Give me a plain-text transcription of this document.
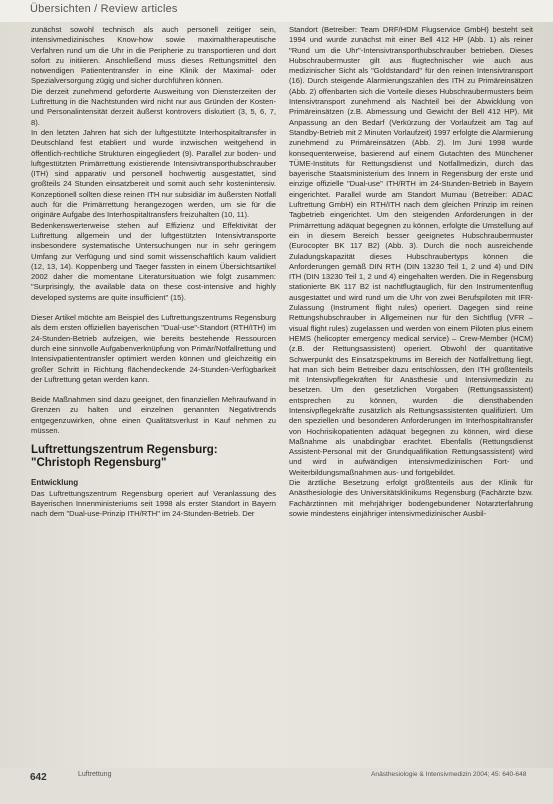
Übersichten / Review articles

zunächst sowohl technisch als auch personell zeitiger sein, intensivmedizinisches Know-how sowie maximaltherapeutische Verfahren rund um die Uhr in die Peripherie zu transportieren und dort sofort zu initiieren. Anschließend muss dieses Rettungsmittel den notwendigen Patiententransfer in eine Klinik der Maximal- oder Spezialversorgung zügig und sicher durchführen können.

Die derzeit zunehmend geforderte Ausweitung von Diensterzeiten der Luftrettung in die Nachtstunden wird nicht nur aus Gründen der Kosten- und Personalintensität derzeit äußerst kontrovers diskutiert (3, 5, 6, 7, 8).

In den letzten Jahren hat sich der luftgestützte Interhospitaltransfer in Deutschland fest etabliert und wurde inzwischen weitgehend in öffentlich-rechtliche Strukturen eingegliedert (9). Parallel zur boden- und luftgestützten Primärrettung existierende Intensivtransporthubschrauber (ITH) sind apparativ und personell hochwertig ausgestattet, sind großteils 24 Stunden einsatzbereit und somit auch sehr kostenintensiv. Konzeptionell sollten diese reinen ITH nur subsidiär im äußersten Notfall auch für die Primärrettung herangezogen werden, um sie für die originäre Aufgabe des Interhospitaltransfers freizuhalten (10, 11).

Bedenkenswerterweise stehen auf Effizienz und Effektivität der Luftrettung allgemein und der luftgestützten Intensivtransporte insbesondere systematische Untersuchungen nur in sehr geringem Umfang zur Verfügung und sind somit wissenschaftlich kaum validiert (12, 13, 14). Koppenberg und Taeger fassten in einem Übersichtsartikel 2002 daher die momentane Literatursituation wie folgt zusammen: "Surprisingly, the available data on these cost-intensive and highly developed systems are quite insufficient" (15).

Dieser Artikel möchte am Beispiel des Luftrettungszentrums Regensburg als dem ersten offiziellen bayerischen "Dual-use"-Standort (RTH/ITH) im 24-Stunden-Betrieb aufzeigen, wie bereits bestehende Ressourcen durch eine sinnvolle Aufgabenverknüpfung von Primär/Notfallrettung und Intensivpatiententransfer optimiert werden können und gleichzeitig ein großer Schritt in Richtung flächendeckende 24-Stunden-Verfügbarkeit der Luftrettung getan werden kann.

Beide Maßnahmen sind dazu geeignet, den finanziellen Mehraufwand in Grenzen zu halten und einzelnen genannten Negativtrends entgegenzuwirken, ohne einen Qualitätsverlust in Kauf nehmen zu müssen.

Luftrettungszentrum Regensburg: "Christoph Regensburg"
Entwicklung

Das Luftrettungszentrum Regensburg operiert auf Veranlassung des Bayerischen Innenministeriums seit 1998 als erster Standort in Bayern nach dem "Dual-use-Prinzip ITH/RTH" im 24-Stunden-Betrieb. Der

Standort (Betreiber: Team DRF/HDM Flugservice GmbH) besteht seit 1994 und wurde zunächst mit einer Bell 412 HP (Abb. 1) als reiner "Rund um die Uhr"-Intensivtransporthubschrauber betrieben. Dieses Hubschraubermuster gilt aus flugtechnischer wie auch aus medizinischer Sicht als "Goldstandard" für den reinen Intensivtransport (16). Durch steigende Alarmierungszahlen des ITH zu Primäreinsätzen (Abb. 2) offenbarten sich die Vorteile dieses Hubschraubermusters beim Intensivtransport zunehmend als Nachteil bei der Abwicklung von Primäreinsätzen (z.B. Abmessung und Gewicht der Bell 412 HP). Mit Anpassung an den Bedarf (Verkürzung der Vorlaufzeit am Tag auf Standby-Betrieb mit 2 Minuten Vorlaufzeit) 1997 erfolgte die Alarmierung zunehmend zu Primäreinsätzen (Abb. 2). Im Juni 1998 wurde konsequenterweise, basierend auf einem Gutachten des Münchener TÜME-Instituts für Rettungsdienst und Notfallmedizin, durch das bayerische Staatsministerium des Innern in Regensburg der erste und einzige offizielle "Dual-use" ITH/RTH im 24-Stunden-Betrieb in Bayern eingerichtet. Parallel wurde am Standort Murnau (Betreiber: ADAC Luftrettung GmbH) ein RTH/ITH nach dem gleichen Prinzip im reinen Tagbetrieb eingerichtet. Um den steigenden Anforderungen in der Primärrettung adäquat begegnen zu können, erfolgte die Umstellung auf ein in diesem Bereich besser geeignetes Hubschraubermuster (Eurocopter BK 117 B2) (Abb. 3). Durch die noch ausreichende Zuladungskapazität dieses Hubschraubertyps können die Anforderungen gemäß DIN RTH (DIN 13230 Teil 1, 2 und 4) und DIN ITH (DIN 13230 Teil 1, 2 und 4) eingehalten werden. Die in Regensburg stationierte BK 117 B2 ist nachtflugtauglich, für den Instrumentenflug ausgestattet und wird rund um die Uhr von zwei Berufspiloten mit IFR-Zulassung (Instrument flight rules) operiert. Dagegen sind reine Rettungshubschrauber in Allgemeinen nur für den Sichtflug (VFR – visual flight rules) zugelassen und werden von einem Piloten plus einem HEMS (helicopter emergency medical service) – Crew-Member (HCM) (z.B. der Rettungsassistent) operiert. Obwohl der quantitative Schwerpunkt des Einsatzspektrums im Bereich der Notfallrettung liegt, hat man sich beim Betreiber dazu entschlossen, den ITH größtenteils mit Intensivpflegekräften für Anästhesie und Intensivmedizin zu besetzen. Um den gesetzlichen Vorgaben (Rettungsassistent) entsprechen zu können, wurden die diensthabenden Intensivpflegekräfte zusätzlich als Rettungsassistenten qualifiziert. Um den speziellen und besonderen Anforderungen im Interhospitaltransfer von Hochrisikopatienten adäquat begegnen zu können, wird diese Maßnahme als unabdingbar erachtet. Ebenfalls (Rettungsdienst Assistent-Personal mit der Grundqualifikation Rettungsassistent) wird und wird in aufwändigen intensivmedizinischen Fort- und Weiterbildungsmaßnahmen aus- und fortgebildet.

Die ärztliche Besetzung erfolgt größtenteils aus der Klinik für Anästhesiologie des Universitätsklinikums Regensburg (Fachärzte bzw. Fachärztinnen mit mehrjähriger bodengebundener Notarzterfahrung sowie mindestens einjähriger intensivmedizinischer Ausbil-

642	Luftrettung	Anästhesiologie & Intensivmedizin 2004; 45: 640-648
